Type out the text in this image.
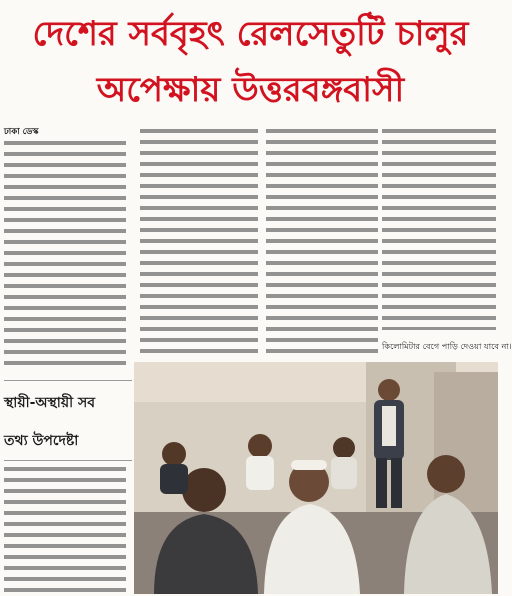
দেশের সর্ববৃহৎ রেলসেতুটি চালুর
অপেক্ষায় উত্তরবঙ্গবাসী
ঢাকা ডেস্ক
কিলোমিটার বেগে পাড়ি দেওয়া যাবে না।
স্থায়ী-অস্থায়ী সব
তথ্য উপদেষ্টা
